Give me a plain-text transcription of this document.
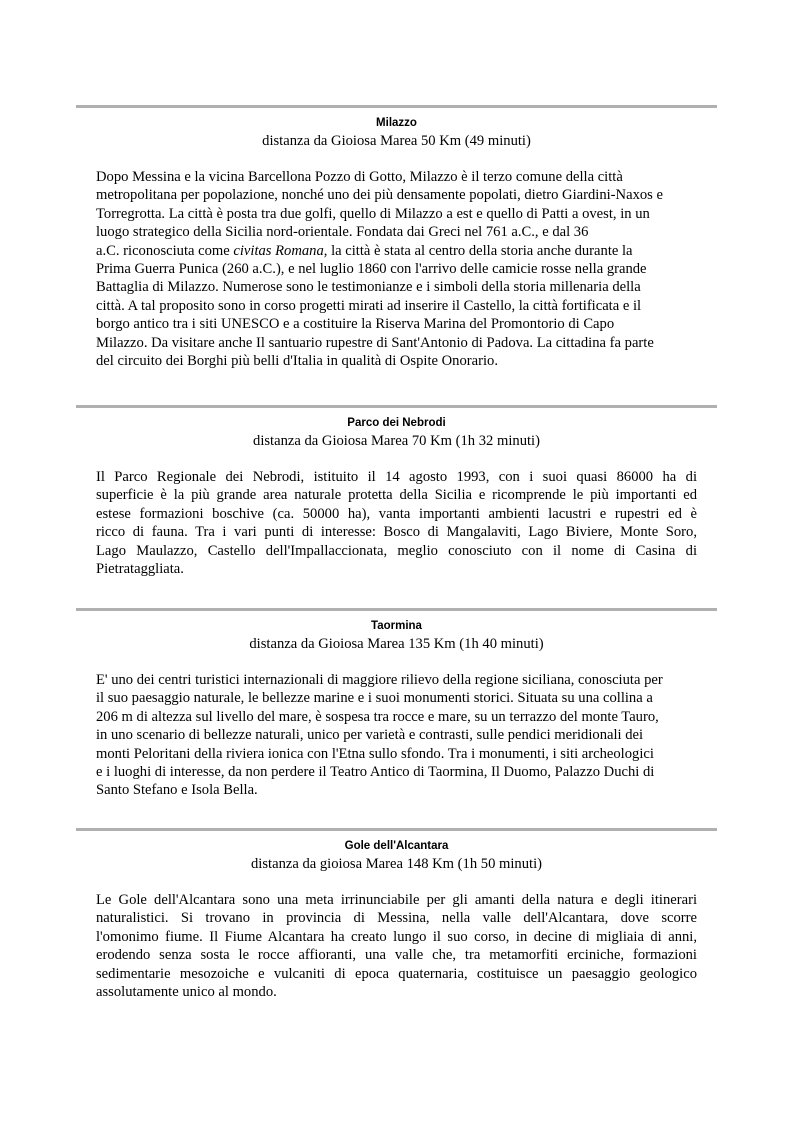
Milazzo
distanza da Gioiosa Marea 50 Km (49 minuti)
Dopo Messina e la vicina Barcellona Pozzo di Gotto, Milazzo è il terzo comune della città
metropolitana per popolazione, nonché uno dei più densamente popolati, dietro Giardini-Naxos e
Torregrotta. La città è posta tra due golfi, quello di Milazzo a est e quello di Patti a ovest, in un
luogo strategico della Sicilia nord-orientale. Fondata dai Greci nel 761 a.C., e dal 36
a.C. riconosciuta come civitas Romana, la città è stata al centro della storia anche durante la
Prima Guerra Punica (260 a.C.), e nel luglio 1860 con l'arrivo delle camicie rosse nella grande
Battaglia di Milazzo. Numerose sono le testimonianze e i simboli della storia millenaria della
città. A tal proposito sono in corso progetti mirati ad inserire il Castello, la città fortificata e il
borgo antico tra i siti UNESCO e a costituire la Riserva Marina del Promontorio di Capo
Milazzo. Da visitare anche Il santuario rupestre di Sant'Antonio di Padova. La cittadina fa parte
del circuito dei Borghi più belli d'Italia in qualità di Ospite Onorario.
Parco dei Nebrodi
distanza da Gioiosa Marea 70 Km (1h 32 minuti)
Il Parco Regionale dei Nebrodi, istituito il 14 agosto 1993, con i suoi quasi 86000 ha di
superficie è la più grande area naturale protetta della Sicilia e ricomprende le più importanti ed
estese formazioni boschive (ca. 50000 ha), vanta importanti ambienti lacustri e rupestri ed è
ricco di fauna. Tra i vari punti di interesse: Bosco di Mangalaviti, Lago Biviere, Monte Soro,
Lago Maulazzo, Castello dell'Impallaccionata, meglio conosciuto con il nome di Casina di
Pietrataggliata.
Taormina
distanza da Gioiosa Marea 135 Km (1h 40 minuti)
E' uno dei centri turistici internazionali di maggiore rilievo della regione siciliana, conosciuta per
il suo paesaggio naturale, le bellezze marine e i suoi monumenti storici. Situata su una collina a
206 m di altezza sul livello del mare, è sospesa tra rocce e mare, su un terrazzo del monte Tauro,
in uno scenario di bellezze naturali, unico per varietà e contrasti, sulle pendici meridionali dei
monti Peloritani della riviera ionica con l'Etna sullo sfondo. Tra i monumenti, i siti archeologici
e i luoghi di interesse, da non perdere il Teatro Antico di Taormina, Il Duomo, Palazzo Duchi di
Santo Stefano e Isola Bella.
Gole dell'Alcantara
distanza da gioiosa Marea 148 Km (1h 50 minuti)
Le Gole dell'Alcantara sono una meta irrinunciabile per gli amanti della natura e degli itinerari
naturalistici. Si trovano in provincia di Messina, nella valle dell'Alcantara, dove scorre
l'omonimo fiume. Il Fiume Alcantara ha creato lungo il suo corso, in decine di migliaia di anni,
erodendo senza sosta le rocce affioranti, una valle che, tra metamorfiti erciniche, formazioni
sedimentarie mesozoiche e vulcaniti di epoca quaternaria, costituisce un paesaggio geologico
assolutamente unico al mondo.
